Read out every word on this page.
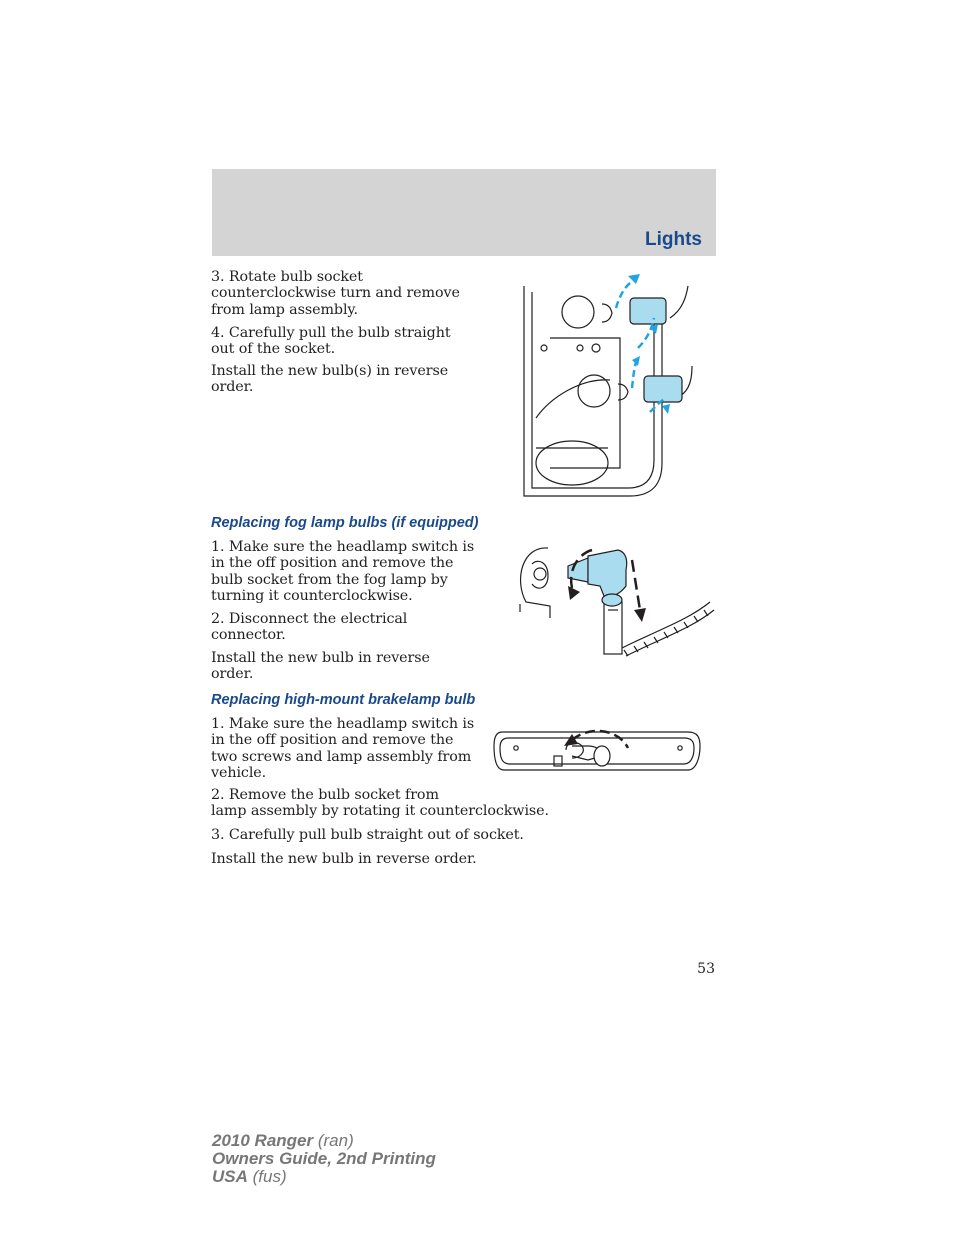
Lights

3. Rotate bulb socket
counterclockwise turn and remove
from lamp assembly.

4. Carefully pull the bulb straight
out of the socket.

Install the new bulb(s) in reverse
order.

Replacing fog lamp bulbs (if equipped)

1. Make sure the headlamp switch is
in the off position and remove the
bulb socket from the fog lamp by
turning it counterclockwise.

2. Disconnect the electrical
connector.

Install the new bulb in reverse
order.

Replacing high-mount brakelamp bulb

1. Make sure the headlamp switch is
in the off position and remove the
two screws and lamp assembly from
vehicle.

2. Remove the bulb socket from
lamp assembly by rotating it counterclockwise.

3. Carefully pull bulb straight out of socket.

Install the new bulb in reverse order.

53
2010 Ranger (ran)
Owners Guide, 2nd Printing
USA (fus)
